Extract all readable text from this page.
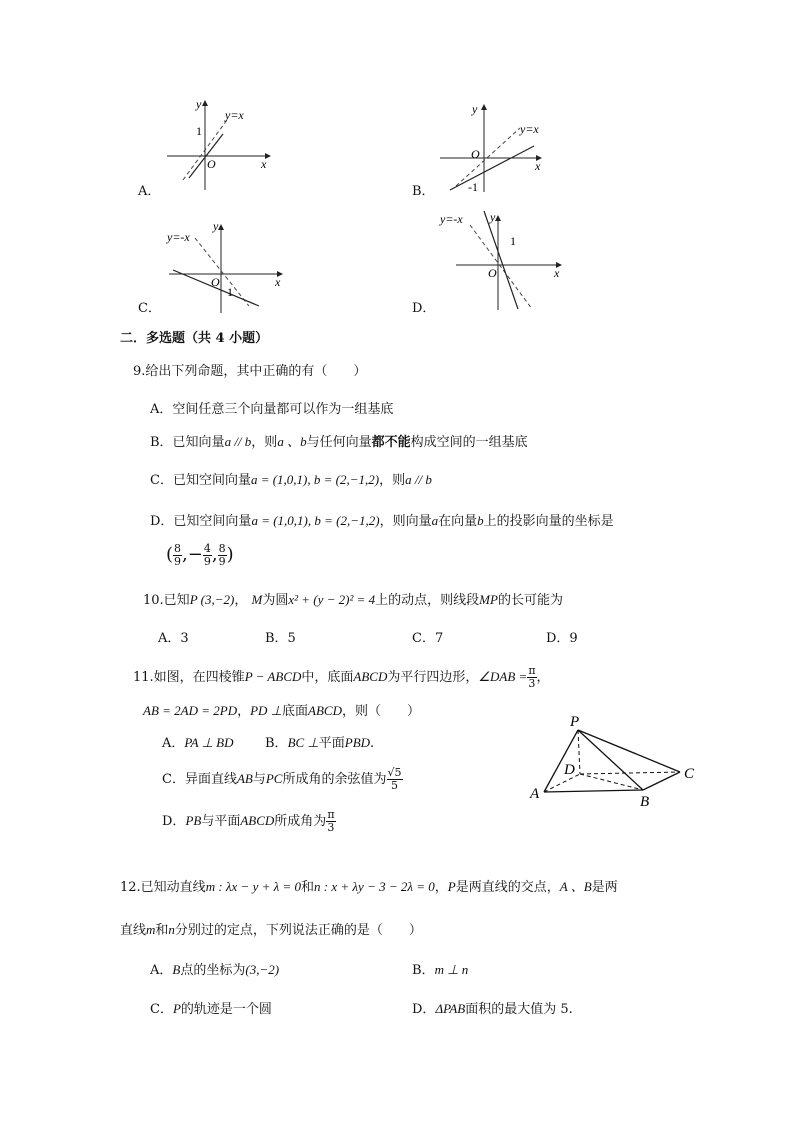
y
y=x
1
O	x
A．
y
y=x
O
-1
x
B．
y
y=-x
O
1
x
C．
y
y=-x
1
O	x
D．
二．多选题（共 4 小题）
9.给出下列命题，其中正确的有（　　）
A．空间任意三个向量都可以作为一组基底
B．已知向量a // b，则a 、b与任何向量都不能构成空间的一组基底
C．已知空间向量a = (1,0,1), b = (2,−1,2)，则a // b
D．已知空间向量a = (1,0,1), b = (2,−1,2)，则向量a在向量b上的投影向量的坐标是
( $\frac{8}{9}$ ,− $\frac{4}{9}$ , $\frac{8}{9}$ )
10.已知P (3,−2)， M为圆x² + (y − 2)² = 4上的动点，则线段MP的长可能为
A．3	B．5	C．7	D．9
11.如图，在四棱锥P − ABCD中，底面ABCD为平行四边形，∠DAB = $\frac{\pi}{3}$ ，
AB = 2AD = 2PD，PD ⊥底面ABCD，则（　　）
A．PA ⊥ BD B．BC ⊥平面PBD.
C．异面直线AB与PC所成角的余弦值为 $\frac{√5}{5}$
D．PB与平面ABCD所成角为 $\frac{\pi}{3}$
P
D
A	B
C
12.已知动直线m : λx − y + λ = 0和n : x + λy − 3 − 2λ = 0，P是两直线的交点，A 、B是两
直线m和n分别过的定点，下列说法正确的是（　　）
A．B点的坐标为(3,−2)	B．m ⊥ n
C．P的轨迹是一个圆	D．ΔPAB面积的最大值为 5.
